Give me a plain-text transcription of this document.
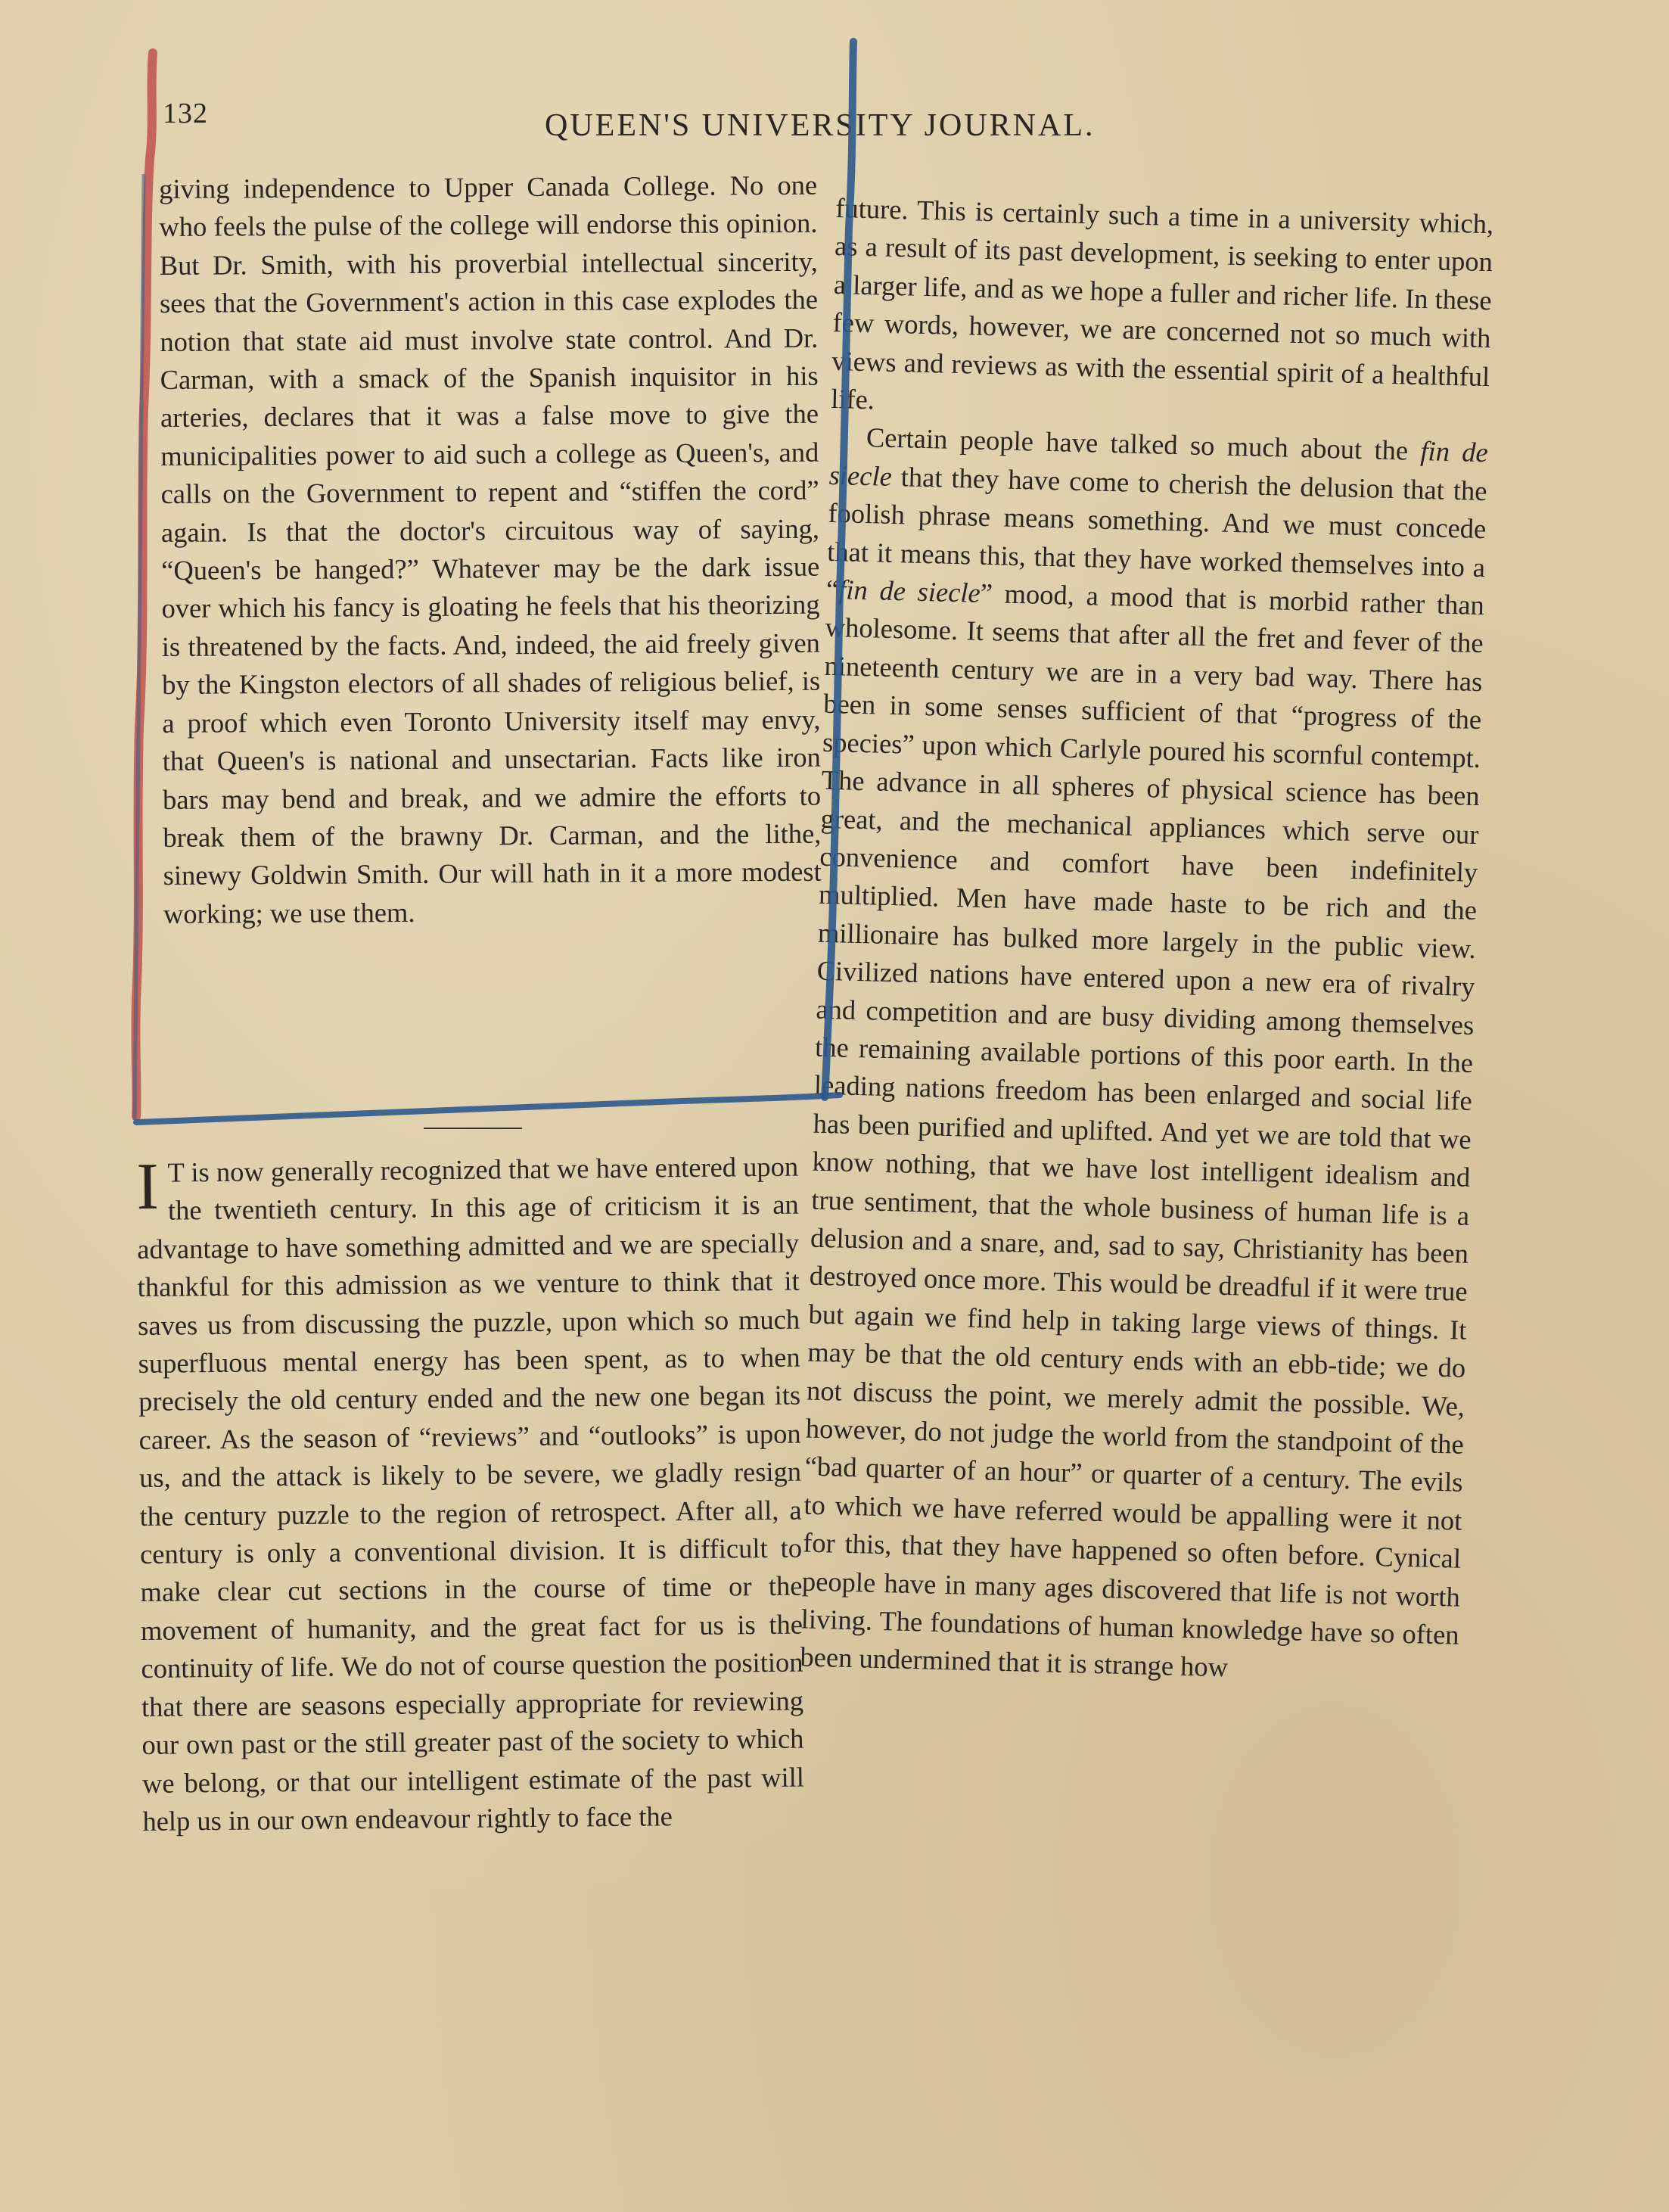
132	QUEEN'S UNIVERSITY JOURNAL.

giving independence to Upper Canada College. No one who feels the pulse of the college will endorse this opinion. But Dr. Smith, with his proverbial intellectual sincerity, sees that the Government's action in this case explodes the notion that state aid must involve state control. And Dr. Carman, with a smack of the Spanish inquisitor in his arteries, declares that it was a false move to give the municipalities power to aid such a college as Queen's, and calls on the Government to repent and “stiffen the cord” again. Is that the doctor's circuitous way of saying, “Queen's be hanged?” Whatever may be the dark issue over which his fancy is gloating he feels that his theorizing is threatened by the facts. And, indeed, the aid freely given by the Kingston electors of all shades of religious belief, is a proof which even Toronto University itself may envy, that Queen's is national and unsectarian. Facts like iron bars may bend and break, and we admire the efforts to break them of the brawny Dr. Carman, and the lithe, sinewy Goldwin Smith. Our will hath in it a more modest working; we use them.

I T is now generally recognized that we have entered upon the twentieth century. In this age of criticism it is an advantage to have something admitted and we are specially thankful for this admission as we venture to think that it saves us from discussing the puzzle, upon which so much superfluous mental energy has been spent, as to when precisely the old century ended and the new one began its career. As the season of “reviews” and “outlooks” is upon us, and the attack is likely to be severe, we gladly resign the century puzzle to the region of retrospect. After all, a century is only a conventional division. It is difficult to make clear cut sections in the course of time or the movement of humanity, and the great fact for us is the continuity of life. We do not of course question the position that there are seasons especially appropriate for reviewing our own past or the still greater past of the society to which we belong, or that our intelligent estimate of the past will help us in our own endeavour rightly to face the

future. This is certainly such a time in a university which, as a result of its past development, is seeking to enter upon a larger life, and as we hope a fuller and richer life. In these few words, however, we are concerned not so much with views and reviews as with the essential spirit of a healthful life.

Certain people have talked so much about the fin de siecle that they have come to cherish the delusion that the foolish phrase means something. And we must concede that it means this, that they have worked themselves into a “fin de siecle” mood, a mood that is morbid rather than wholesome. It seems that after all the fret and fever of the nineteenth century we are in a very bad way. There has been in some senses sufficient of that “progress of the species” upon which Carlyle poured his scornful contempt. The advance in all spheres of physical science has been great, and the mechanical appliances which serve our convenience and comfort have been indefinitely multiplied. Men have made haste to be rich and the millionaire has bulked more largely in the public view. Civilized nations have entered upon a new era of rivalry and competition and are busy dividing among themselves the remaining available portions of this poor earth. In the leading nations freedom has been enlarged and social life has been purified and uplifted. And yet we are told that we know nothing, that we have lost intelligent idealism and true sentiment, that the whole business of human life is a delusion and a snare, and, sad to say, Christianity has been destroyed once more. This would be dreadful if it were true but again we find help in taking large views of things. It may be that the old century ends with an ebb-tide; we do not discuss the point, we merely admit the possible. We, however, do not judge the world from the standpoint of the “bad quarter of an hour” or quarter of a century. The evils to which we have referred would be appalling were it not for this, that they have happened so often before. Cynical people have in many ages discovered that life is not worth living. The foundations of human knowledge have so often been undermined that it is strange how
